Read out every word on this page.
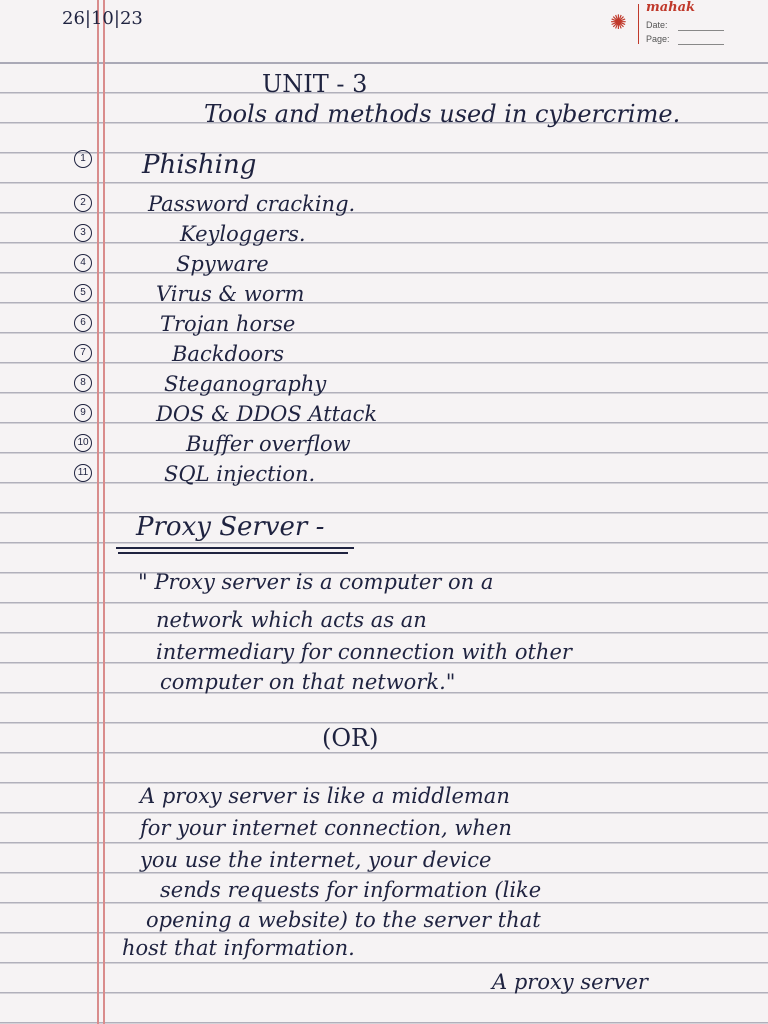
26|10|23	✺
mahak
Date:
Page:

UNIT - 3

Tools and methods used in cybercrime.

1 Phishing

2	Password cracking.

3	Keyloggers.

4	Spyware

5	Virus & worm

6	Trojan horse

7	Backdoors

8	Steganography

9	DOS & DDOS Attack

10	Buffer overflow

11	SQL injection.

Proxy Server -

" Proxy server is a computer on a

network which acts as an

intermediary for connection with other

computer on that network."

(OR)

A proxy server is like a middleman

for your internet connection, when

you use the internet, your device

sends requests for information (like

opening a website) to the server that

host that information.

A proxy server
